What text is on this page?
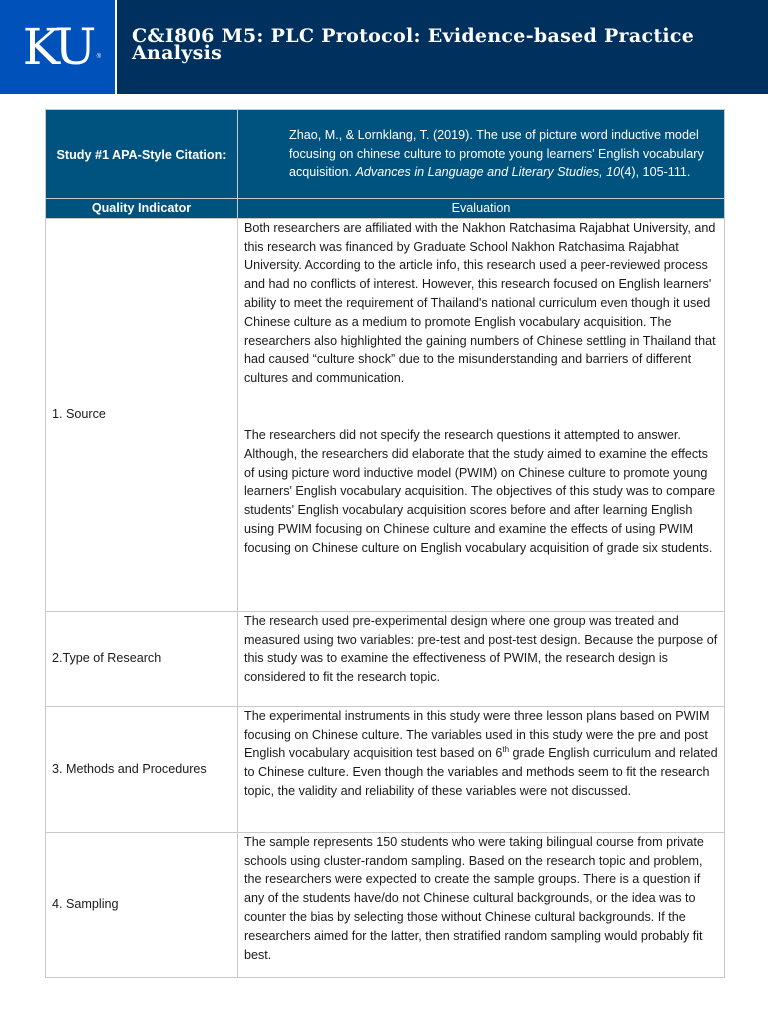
KU ®
C&I806 M5: PLC Protocol: Evidence-based Practice
Analysis
Study #1 APA-Style Citation:	Zhao, M., & Lornklang, T. (2019). The use of picture word inductive model focusing on chinese culture to promote young learners' English vocabulary acquisition. Advances in Language and Literary Studies, 10(4), 105-111.
Quality Indicator	Evaluation
1. Source	Both researchers are affiliated with the Nakhon Ratchasima Rajabhat University, and this research was financed by Graduate School Nakhon Ratchasima Rajabhat University. According to the article info, this research used a peer-reviewed process and had no conflicts of interest. However, this research focused on English learners' ability to meet the requirement of Thailand's national curriculum even though it used Chinese culture as a medium to promote English vocabulary acquisition. The researchers also highlighted the gaining numbers of Chinese settling in Thailand that had caused “culture shock” due to the misunderstanding and barriers of different cultures and communication.

The researchers did not specify the research questions it attempted to answer. Although, the researchers did elaborate that the study aimed to examine the effects of using picture word inductive model (PWIM) on Chinese culture to promote young learners' English vocabulary acquisition. The objectives of this study was to compare students' English vocabulary acquisition scores before and after learning English using PWIM focusing on Chinese culture and examine the effects of using PWIM focusing on Chinese culture on English vocabulary acquisition of grade six students.

2.Type of Research	The research used pre-experimental design where one group was treated and measured using two variables: pre-test and post-test design. Because the purpose of this study was to examine the effectiveness of PWIM, the research design is considered to fit the research topic.
3. Methods and Procedures	The experimental instruments in this study were three lesson plans based on PWIM focusing on Chinese culture. The variables used in this study were the pre and post English vocabulary acquisition test based on 6th grade English curriculum and related to Chinese culture. Even though the variables and methods seem to fit the research topic, the validity and reliability of these variables were not discussed.
4. Sampling	The sample represents 150 students who were taking bilingual course from private schools using cluster-random sampling. Based on the research topic and problem, the researchers were expected to create the sample groups. There is a question if any of the students have/do not Chinese cultural backgrounds, or the idea was to counter the bias by selecting those without Chinese cultural backgrounds. If the researchers aimed for the latter, then stratified random sampling would probably fit best.
